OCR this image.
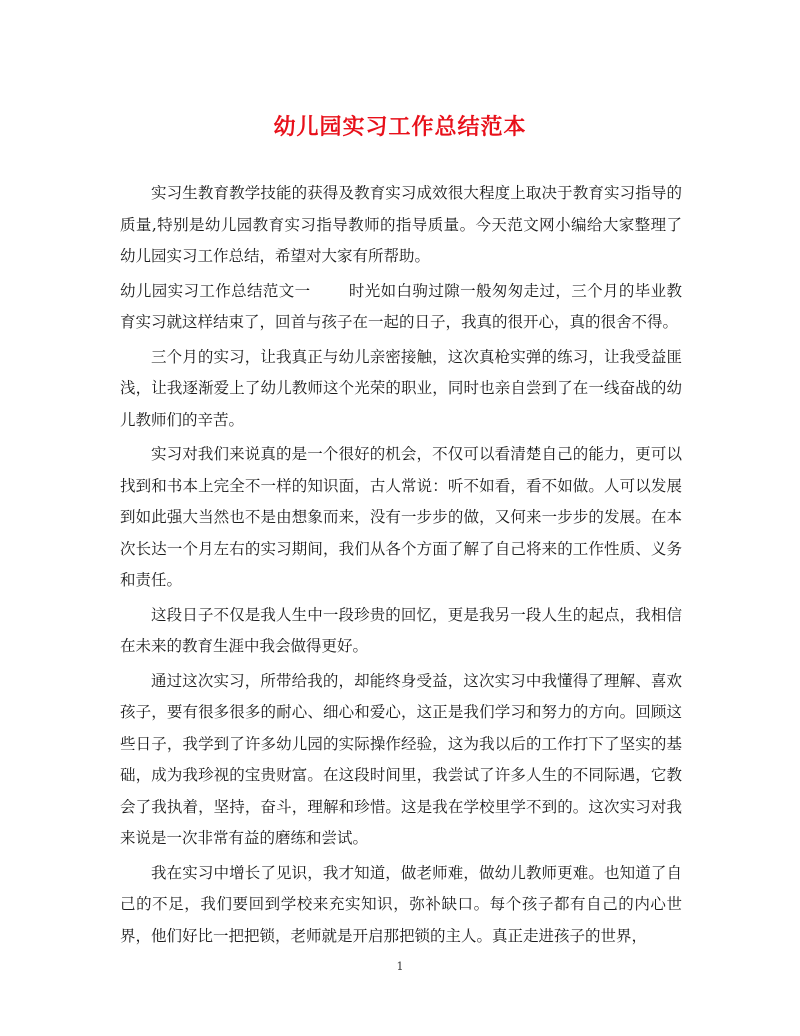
幼儿园实习工作总结范本

实习生教育教学技能的获得及教育实习成效很大程度上取决于教育实习指导的质量,特别是幼儿园教育实习指导教师的指导质量。今天范文网小编给大家整理了幼儿园实习工作总结，希望对大家有所帮助。

幼儿园实习工作总结范文一 时光如白驹过隙一般匆匆走过，三个月的毕业教育实习就这样结束了，回首与孩子在一起的日子，我真的很开心，真的很舍不得。

三个月的实习，让我真正与幼儿亲密接触，这次真枪实弹的练习，让我受益匪浅，让我逐渐爱上了幼儿教师这个光荣的职业，同时也亲自尝到了在一线奋战的幼儿教师们的辛苦。

实习对我们来说真的是一个很好的机会，不仅可以看清楚自己的能力，更可以找到和书本上完全不一样的知识面，古人常说：听不如看，看不如做。人可以发展到如此强大当然也不是由想象而来，没有一步步的做，又何来一步步的发展。在本次长达一个月左右的实习期间，我们从各个方面了解了自己将来的工作性质、义务和责任。

这段日子不仅是我人生中一段珍贵的回忆，更是我另一段人生的起点，我相信在未来的教育生涯中我会做得更好。

通过这次实习，所带给我的，却能终身受益，这次实习中我懂得了理解、喜欢孩子，要有很多很多的耐心、细心和爱心，这正是我们学习和努力的方向。回顾这些日子，我学到了许多幼儿园的实际操作经验，这为我以后的工作打下了坚实的基础，成为我珍视的宝贵财富。在这段时间里，我尝试了许多人生的不同际遇，它教会了我执着，坚持，奋斗，理解和珍惜。这是我在学校里学不到的。这次实习对我来说是一次非常有益的磨练和尝试。

我在实习中增长了见识，我才知道，做老师难，做幼儿教师更难。也知道了自己的不足，我们要回到学校来充实知识，弥补缺口。每个孩子都有自己的内心世界，他们好比一把把锁，老师就是开启那把锁的主人。真正走进孩子的世界，

1
